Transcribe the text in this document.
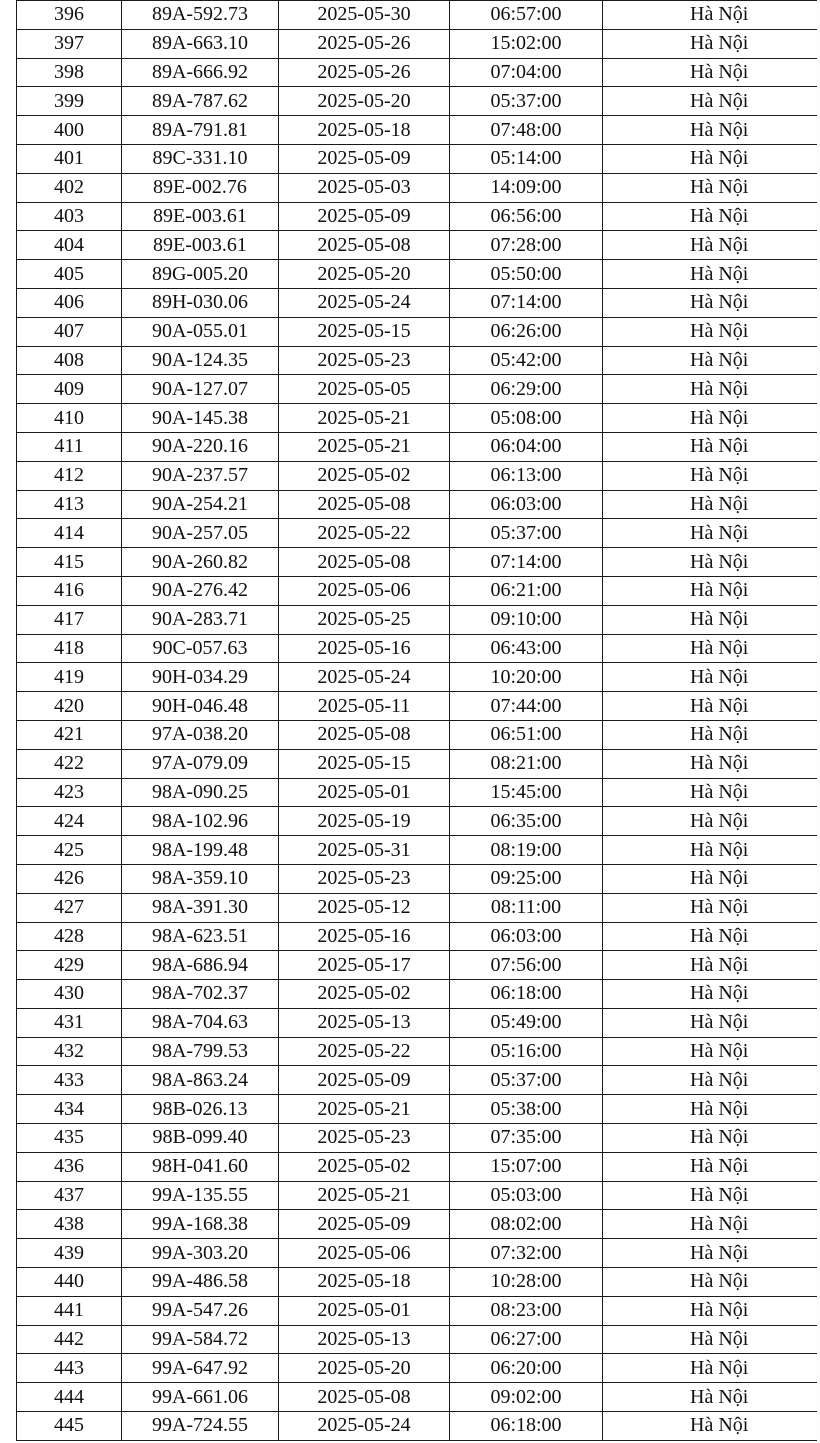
396	89A-592.73	2025-05-30	06:57:00	Hà Nội
397	89A-663.10	2025-05-26	15:02:00	Hà Nội
398	89A-666.92	2025-05-26	07:04:00	Hà Nội
399	89A-787.62	2025-05-20	05:37:00	Hà Nội
400	89A-791.81	2025-05-18	07:48:00	Hà Nội
401	89C-331.10	2025-05-09	05:14:00	Hà Nội
402	89E-002.76	2025-05-03	14:09:00	Hà Nội
403	89E-003.61	2025-05-09	06:56:00	Hà Nội
404	89E-003.61	2025-05-08	07:28:00	Hà Nội
405	89G-005.20	2025-05-20	05:50:00	Hà Nội
406	89H-030.06	2025-05-24	07:14:00	Hà Nội
407	90A-055.01	2025-05-15	06:26:00	Hà Nội
408	90A-124.35	2025-05-23	05:42:00	Hà Nội
409	90A-127.07	2025-05-05	06:29:00	Hà Nội
410	90A-145.38	2025-05-21	05:08:00	Hà Nội
411	90A-220.16	2025-05-21	06:04:00	Hà Nội
412	90A-237.57	2025-05-02	06:13:00	Hà Nội
413	90A-254.21	2025-05-08	06:03:00	Hà Nội
414	90A-257.05	2025-05-22	05:37:00	Hà Nội
415	90A-260.82	2025-05-08	07:14:00	Hà Nội
416	90A-276.42	2025-05-06	06:21:00	Hà Nội
417	90A-283.71	2025-05-25	09:10:00	Hà Nội
418	90C-057.63	2025-05-16	06:43:00	Hà Nội
419	90H-034.29	2025-05-24	10:20:00	Hà Nội
420	90H-046.48	2025-05-11	07:44:00	Hà Nội
421	97A-038.20	2025-05-08	06:51:00	Hà Nội
422	97A-079.09	2025-05-15	08:21:00	Hà Nội
423	98A-090.25	2025-05-01	15:45:00	Hà Nội
424	98A-102.96	2025-05-19	06:35:00	Hà Nội
425	98A-199.48	2025-05-31	08:19:00	Hà Nội
426	98A-359.10	2025-05-23	09:25:00	Hà Nội
427	98A-391.30	2025-05-12	08:11:00	Hà Nội
428	98A-623.51	2025-05-16	06:03:00	Hà Nội
429	98A-686.94	2025-05-17	07:56:00	Hà Nội
430	98A-702.37	2025-05-02	06:18:00	Hà Nội
431	98A-704.63	2025-05-13	05:49:00	Hà Nội
432	98A-799.53	2025-05-22	05:16:00	Hà Nội
433	98A-863.24	2025-05-09	05:37:00	Hà Nội
434	98B-026.13	2025-05-21	05:38:00	Hà Nội
435	98B-099.40	2025-05-23	07:35:00	Hà Nội
436	98H-041.60	2025-05-02	15:07:00	Hà Nội
437	99A-135.55	2025-05-21	05:03:00	Hà Nội
438	99A-168.38	2025-05-09	08:02:00	Hà Nội
439	99A-303.20	2025-05-06	07:32:00	Hà Nội
440	99A-486.58	2025-05-18	10:28:00	Hà Nội
441	99A-547.26	2025-05-01	08:23:00	Hà Nội
442	99A-584.72	2025-05-13	06:27:00	Hà Nội
443	99A-647.92	2025-05-20	06:20:00	Hà Nội
444	99A-661.06	2025-05-08	09:02:00	Hà Nội
445	99A-724.55	2025-05-24	06:18:00	Hà Nội
